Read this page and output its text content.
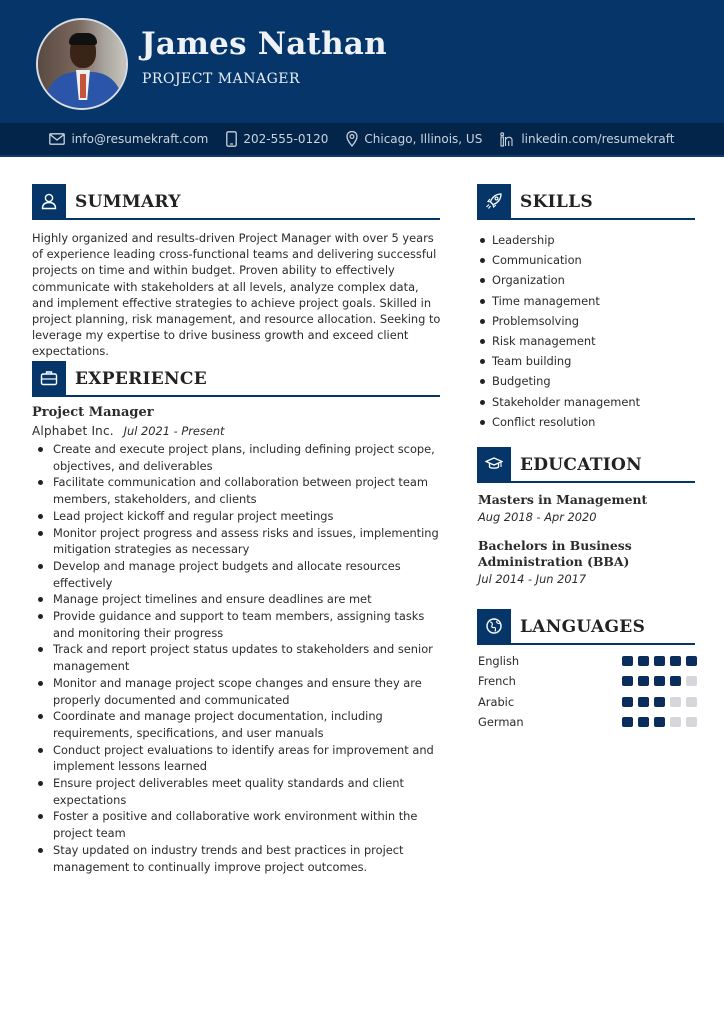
James Nathan
PROJECT MANAGER
info@resumekraft.com	202-555-0120	Chicago, Illinois, US	linkedin.com/resumekraft
SUMMARY
Highly organized and results-driven Project Manager with over 5 years of experience leading cross-functional teams and delivering successful projects on time and within budget. Proven ability to effectively communicate with stakeholders at all levels, analyze complex data, and implement effective strategies to achieve project goals. Skilled in project planning, risk management, and resource allocation. Seeking to leverage my expertise to drive business growth and exceed client expectations.
EXPERIENCE
Project Manager
Alphabet Inc. Jul 2021 - Present
Create and execute project plans, including defining project scope, objectives, and deliverables
Facilitate communication and collaboration between project team members, stakeholders, and clients
Lead project kickoff and regular project meetings
Monitor project progress and assess risks and issues, implementing mitigation strategies as necessary
Develop and manage project budgets and allocate resources effectively
Manage project timelines and ensure deadlines are met
Provide guidance and support to team members, assigning tasks and monitoring their progress
Track and report project status updates to stakeholders and senior management
Monitor and manage project scope changes and ensure they are properly documented and communicated
Coordinate and manage project documentation, including requirements, specifications, and user manuals
Conduct project evaluations to identify areas for improvement and implement lessons learned
Ensure project deliverables meet quality standards and client expectations
Foster a positive and collaborative work environment within the project team
Stay updated on industry trends and best practices in project management to continually improve project outcomes.
SKILLS
Leadership
Communication
Organization
Time management
Problemsolving
Risk management
Team building
Budgeting
Stakeholder management
Conflict resolution
EDUCATION
Masters in Management
Aug 2018 - Apr 2020
Bachelors in Business Administration (BBA)
Jul 2014 - Jun 2017
LANGUAGES
English
French
Arabic
German
